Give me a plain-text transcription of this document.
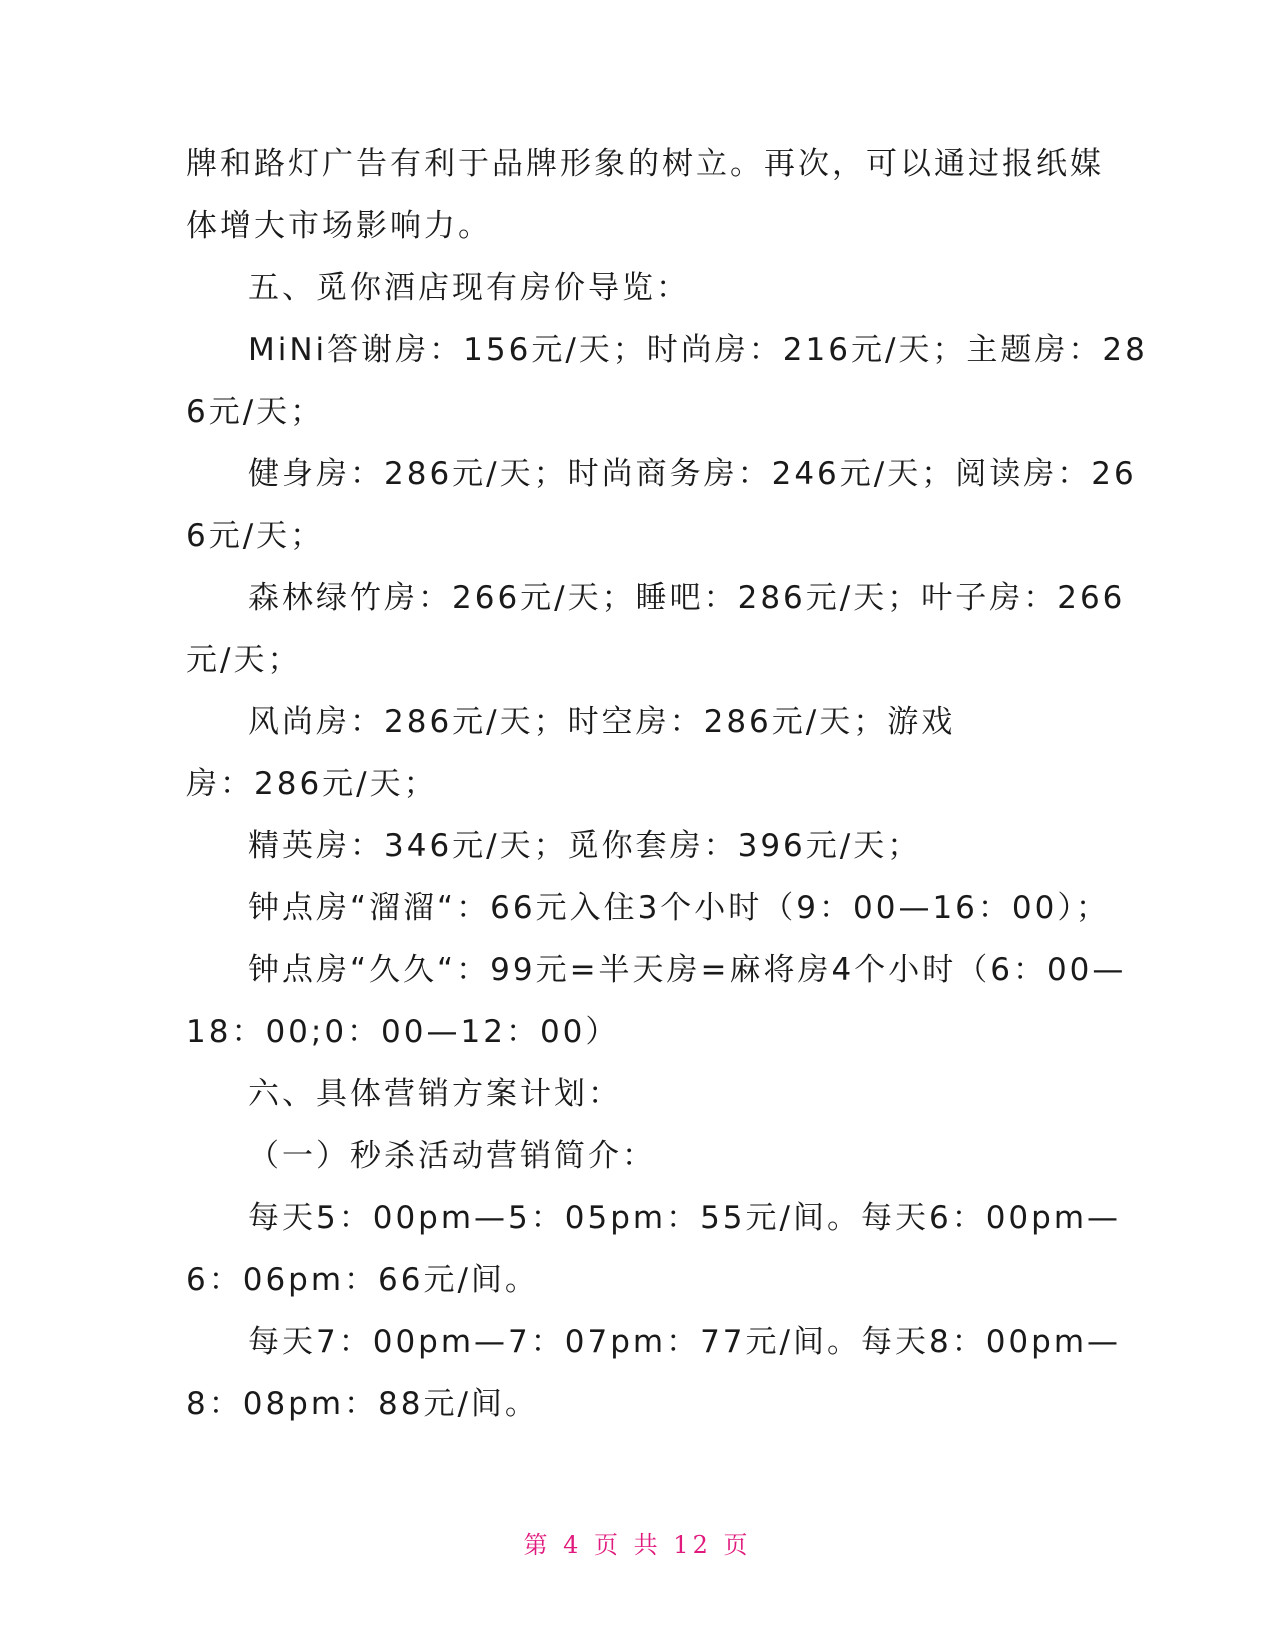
牌和路灯广告有利于品牌形象的树立。再次，可以通过报纸媒
体增大市场影响力。
五、觅你酒店现有房价导览：
MiNi答谢房：156元/天；时尚房：216元/天；主题房：28
6元/天；
健身房：286元/天；时尚商务房：246元/天；阅读房：26
6元/天；
森林绿竹房：266元/天；睡吧：286元/天；叶子房：266
元/天；
风尚房：286元/天；时空房：286元/天；游戏
房：286元/天；
精英房：346元/天；觅你套房：396元/天；
钟点房“溜溜“：66元入住3个小时（9：00—16：00）；
钟点房“久久“：99元=半天房=麻将房4个小时（6：00—
18：00;0：00—12：00）
六、具体营销方案计划：
（一）秒杀活动营销简介：
每天5：00pm—5：05pm：55元/间。每天6：00pm—
6：06pm：66元/间。
每天7：00pm—7：07pm：77元/间。每天8：00pm—
8：08pm：88元/间。
第 4 页 共 12 页
